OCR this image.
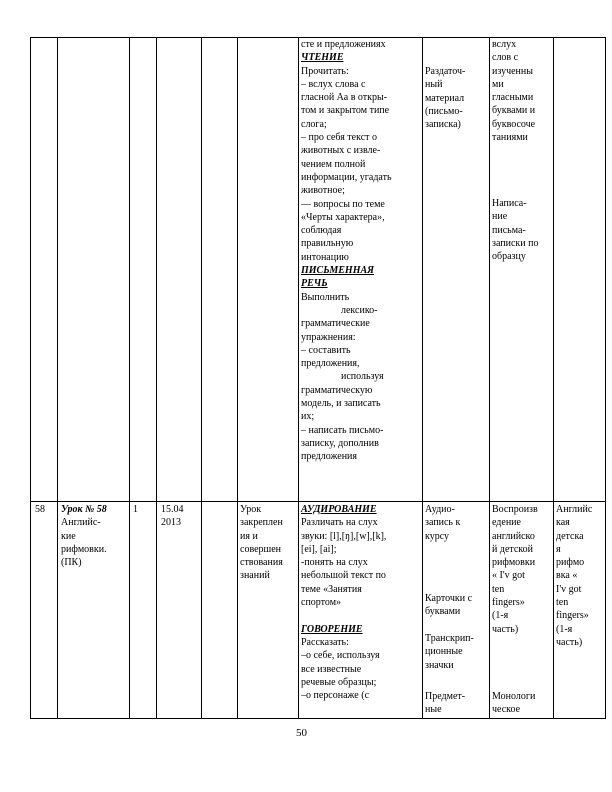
сте и предложениях
ЧТЕНИЕ
Прочитать:
– вслух слова с
гласной Аа в откры-
том и закрытом типе
слога;
– про себя текст о
животных с извле-
чением полной
информации, угадать
животное;
— вопросы по теме
«Черты характера»,
соблюдая
правильную
интонацию
ПИСЬМЕННАЯ
РЕЧЬ
Выполнить
лексико-
грамматические
упражнения:
– составить
предложения,
используя
грамматическую
модель, и записать
их;
– написать письмо-
записку, дополнив
предложения
Раздаточ-
ный
материал
(письмо-
записка)
вслух
слов с
изученны
ми
гласными
буквами и
буквосоче
таниями
Написа-
ние
письма-
записки по
образцу
58	Урок № 58
Английс-
кие
рифмовки.
(ПК)
1	15.04
2013
Урок
закреплен
ия и
совершен
ствования
знаний
АУДИРОВАНИЕ
Различать на слух
звуки: [l],[ŋ],[w],[k],
[ei], [ai];
-понять на слух
небольшой текст по
теме «Занятия
спортом»
ГОВОРЕНИЕ
Рассказать:
–о себе, используя
все известные
речевые образцы;
–о персонаже (с
Аудио-
запись к
курсу
Карточки с
буквами
Транскрип-
ционные
значки
Предмет-
ные
Воспроизв
едение
английско
й детской
рифмовки
« I'v got
ten
fingers»
(1-я
часть)
Монологи
ческое
Английс
кая
детска
я
рифмо
вка «
I'v got
ten
fingers»
(1-я
часть)
50
